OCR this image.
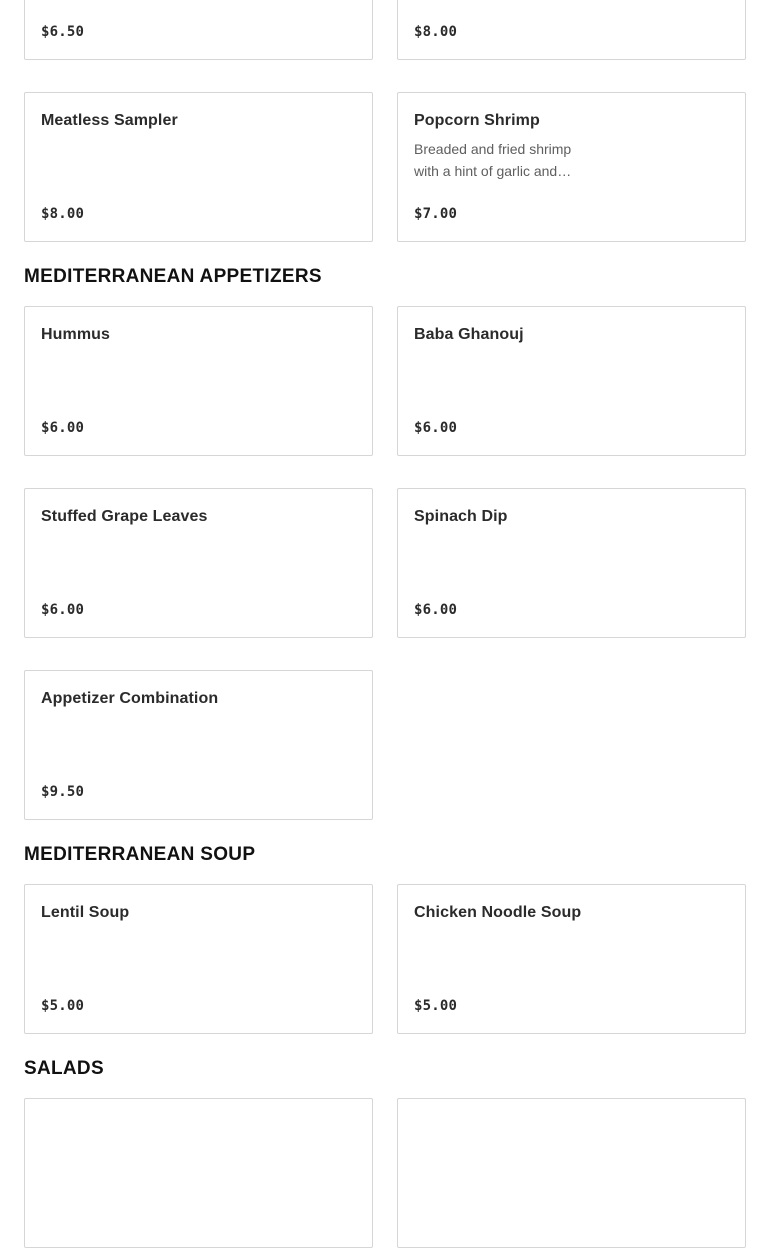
$6.50	$8.00
Meatless Sampler
$8.00
Popcorn Shrimp
Breaded and fried shrimp with a hint of garlic and…
$7.00
MEDITERRANEAN APPETIZERS
Hummus
$6.00
Baba Ghanouj
$6.00
Stuffed Grape Leaves
$6.00
Spinach Dip
$6.00
Appetizer Combination
$9.50
MEDITERRANEAN SOUP
Lentil Soup
$5.00
Chicken Noodle Soup
$5.00
SALADS
